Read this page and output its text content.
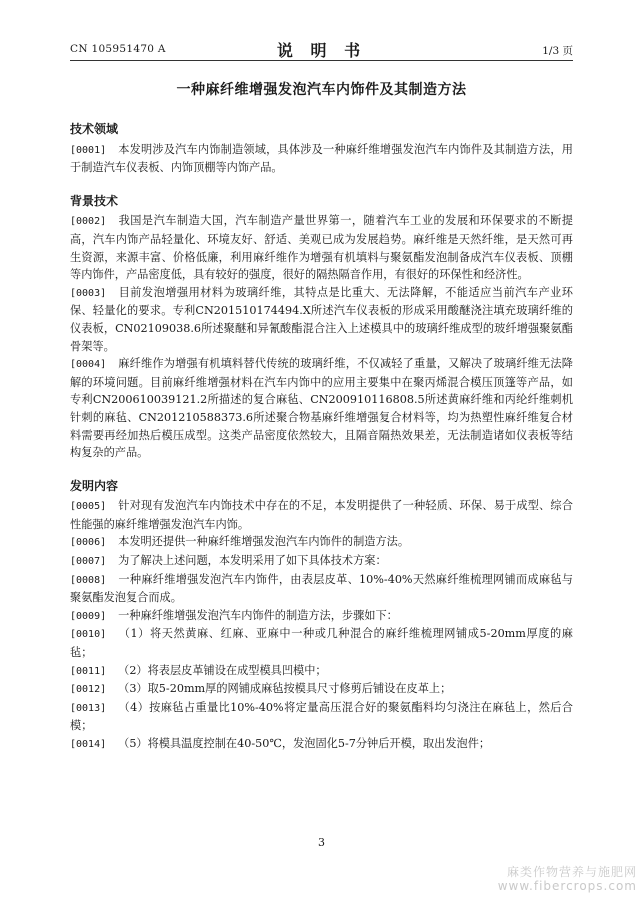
CN 105951470 A	说 明 书	1/3 页
一种麻纤维增强发泡汽车内饰件及其制造方法
技术领域

[0001] 本发明涉及汽车内饰制造领域，具体涉及一种麻纤维增强发泡汽车内饰件及其制造方法，用于制造汽车仪表板、内饰顶棚等内饰产品。

背景技术

[0002] 我国是汽车制造大国，汽车制造产量世界第一，随着汽车工业的发展和环保要求的不断提高，汽车内饰产品轻量化、环境友好、舒适、美观已成为发展趋势。麻纤维是天然纤维，是天然可再生资源，来源丰富、价格低廉，利用麻纤维作为增强有机填料与聚氨酯发泡制备成汽车仪表板、顶棚等内饰件，产品密度低，具有较好的强度，很好的隔热隔音作用，有很好的环保性和经济性。

[0003] 目前发泡增强用材料为玻璃纤维，其特点是比重大、无法降解，不能适应当前汽车产业环保、轻量化的要求。专利CN201510174494.X所述汽车仪表板的形成采用酸醚浇注填充玻璃纤维的仪表板，CN02109038.6所述聚醚和异氰酸酯混合注入上述模具中的玻璃纤维成型的玻纤增强聚氨酯骨架等。

[0004] 麻纤维作为增强有机填料替代传统的玻璃纤维，不仅减轻了重量，又解决了玻璃纤维无法降解的环境问题。目前麻纤维增强材料在汽车内饰中的应用主要集中在聚丙烯混合模压顶篷等产品，如专利CN200610039121.2所描述的复合麻毡、CN200910116808.5所述黄麻纤维和丙纶纤维刺机针刺的麻毡、CN201210588373.6所述聚合物基麻纤维增强复合材料等，均为热塑性麻纤维复合材料需要再经加热后模压成型。这类产品密度依然较大，且隔音隔热效果差，无法制造诸如仪表板等结构复杂的产品。

发明内容

[0005] 针对现有发泡汽车内饰技术中存在的不足，本发明提供了一种轻质、环保、易于成型、综合性能强的麻纤维增强发泡汽车内饰。

[0006] 本发明还提供一种麻纤维增强发泡汽车内饰件的制造方法。

[0007] 为了解决上述问题，本发明采用了如下具体技术方案：

[0008] 一种麻纤维增强发泡汽车内饰件，由表层皮革、10%-40%天然麻纤维梳理网铺而成麻毡与聚氨酯发泡复合而成。

[0009] 一种麻纤维增强发泡汽车内饰件的制造方法，步骤如下：

[0010] （1）将天然黄麻、红麻、亚麻中一种或几种混合的麻纤维梳理网铺成5-20mm厚度的麻毡；

[0011] （2）将表层皮革铺设在成型模具凹模中；

[0012] （3）取5-20mm厚的网铺成麻毡按模具尺寸修剪后铺设在皮革上；

[0013] （4）按麻毡占重量比10%-40%将定量高压混合好的聚氨酯料均匀浇注在麻毡上，然后合模；

[0014] （5）将模具温度控制在40-50℃，发泡固化5-7分钟后开模，取出发泡件；

3
麻类作物营养与施肥网
www.fibercrops.com
